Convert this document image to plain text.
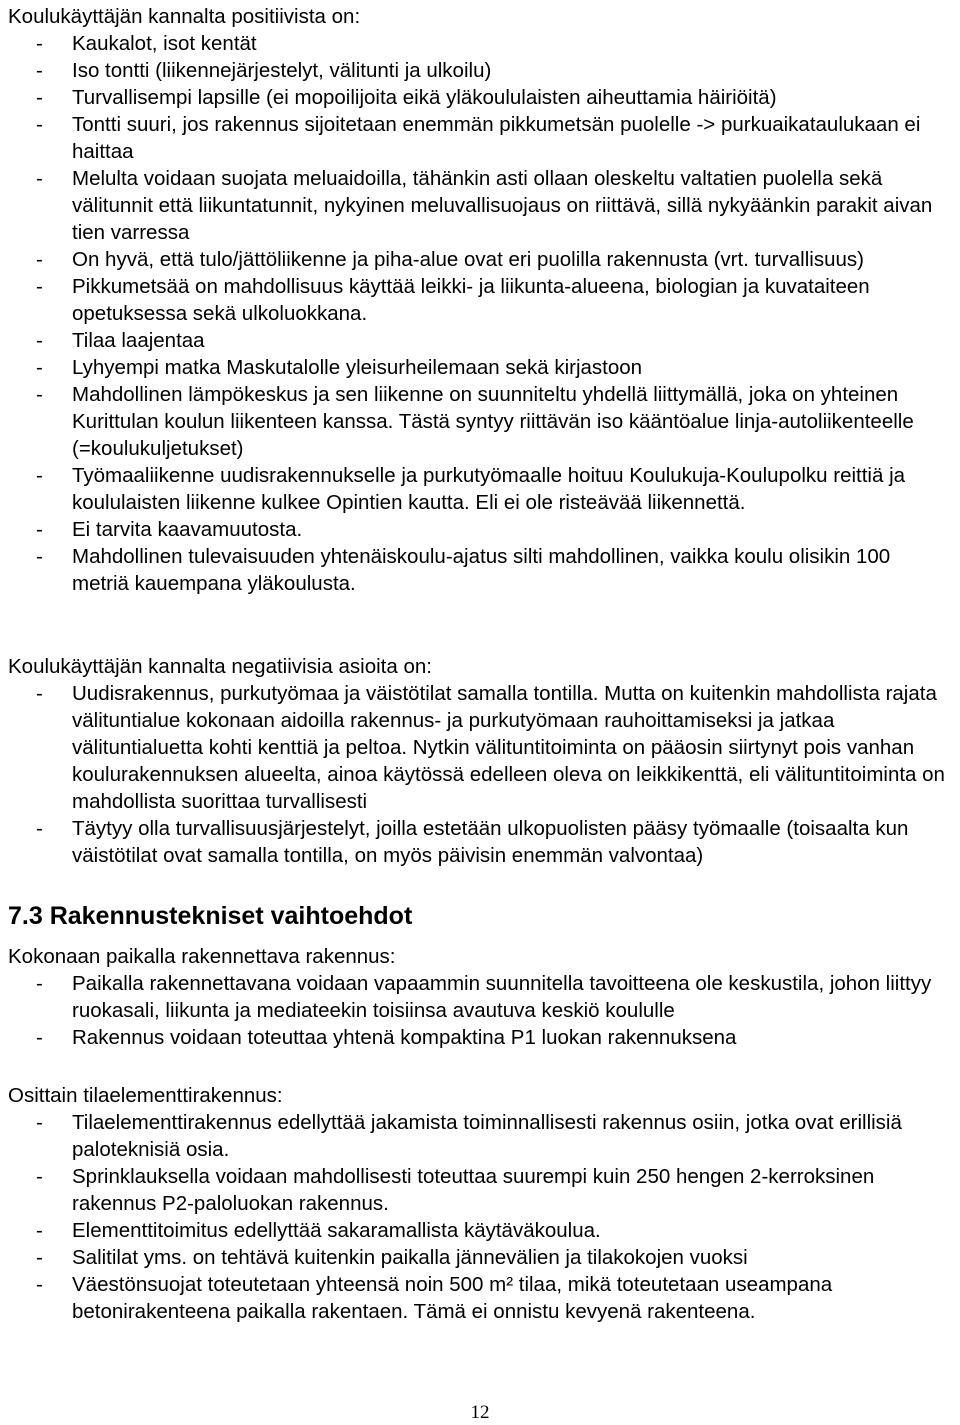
Koulukäyttäjän kannalta positiivista on:

- Kaukalot, isot kentät
- Iso tontti (liikennejärjestelyt, välitunti ja ulkoilu)
- Turvallisempi lapsille (ei mopoilijoita eikä yläkoululaisten aiheuttamia häiriöitä)
- Tontti suuri, jos rakennus sijoitetaan enemmän pikkumetsän puolelle -> purkuaikataulukaan ei haittaa
- Melulta voidaan suojata meluaidoilla, tähänkin asti ollaan oleskeltu valtatien puolella sekä välitunnit että liikuntatunnit, nykyinen meluvallisuojaus on riittävä, sillä nykyäänkin parakit aivan tien varressa
- On hyvä, että tulo/jättöliikenne ja piha-alue ovat eri puolilla rakennusta (vrt. turvallisuus)
- Pikkumetsää on mahdollisuus käyttää leikki- ja liikunta-alueena, biologian ja kuvataiteen opetuksessa sekä ulkoluokkana.
- Tilaa laajentaa
- Lyhyempi matka Maskutalolle yleisurheilemaan sekä kirjastoon
- Mahdollinen lämpökeskus ja sen liikenne on suunniteltu yhdellä liittymällä, joka on yhteinen Kurittulan koulun liikenteen kanssa. Tästä syntyy riittävän iso kääntöalue linja-autoliikenteelle (=koulukuljetukset)
- Työmaaliikenne uudisrakennukselle ja purkutyömaalle hoituu Koulukuja-Koulupolku reittiä ja koululaisten liikenne kulkee Opintien kautta. Eli ei ole risteävää liikennettä.
- Ei tarvita kaavamuutosta.
- Mahdollinen tulevaisuuden yhtenäiskoulu-ajatus silti mahdollinen, vaikka koulu olisikin 100 metriä kauempana yläkoulusta.

Koulukäyttäjän kannalta negatiivisia asioita on:

- Uudisrakennus, purkutyömaa ja väistötilat samalla tontilla. Mutta on kuitenkin mahdollista rajata välituntialue kokonaan aidoilla rakennus- ja purkutyömaan rauhoittamiseksi ja jatkaa välituntialuetta kohti kenttiä ja peltoa. Nytkin välituntitoiminta on pääosin siirtynyt pois vanhan koulurakennuksen alueelta, ainoa käytössä edelleen oleva on leikkikenttä, eli välituntitoiminta on mahdollista suorittaa turvallisesti
- Täytyy olla turvallisuusjärjestelyt, joilla estetään ulkopuolisten pääsy työmaalle (toisaalta kun väistötilat ovat samalla tontilla, on myös päivisin enemmän valvontaa)
7.3 Rakennustekniset vaihtoehdot

Kokonaan paikalla rakennettava rakennus:

- Paikalla rakennettavana voidaan vapaammin suunnitella tavoitteena ole keskustila, johon liittyy ruokasali, liikunta ja mediateekin toisiinsa avautuva keskiö koululle
- Rakennus voidaan toteuttaa yhtenä kompaktina P1 luokan rakennuksena

Osittain tilaelementtirakennus:

- Tilaelementtirakennus edellyttää jakamista toiminnallisesti rakennus osiin, jotka ovat erillisiä paloteknisiä osia.
- Sprinklauksella voidaan mahdollisesti toteuttaa suurempi kuin 250 hengen 2-kerroksinen rakennus P2-paloluokan rakennus.
- Elementtitoimitus edellyttää sakaramallista käytäväkoulua.
- Salitilat yms. on tehtävä kuitenkin paikalla jännevälien ja tilakokojen vuoksi
- Väestönsuojat toteutetaan yhteensä noin 500 m² tilaa, mikä toteutetaan useampana betonirakenteena paikalla rakentaen. Tämä ei onnistu kevyenä rakenteena.
12
